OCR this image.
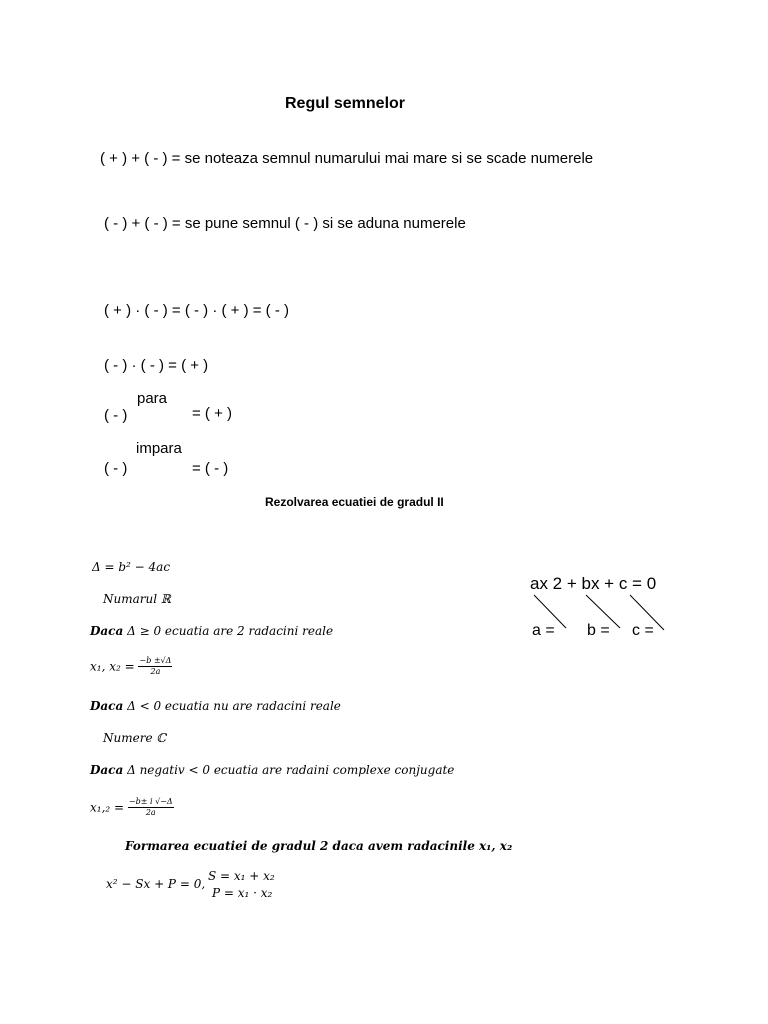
Regul semnelor
( + ) + ( - ) = se noteaza semnul numarului mai mare si se scade numerele
( - ) + ( - ) = se pune semnul ( - ) si se aduna numerele
( + ) · ( - ) = ( - ) · ( + ) = ( - )
( - ) · ( - ) = ( + )
para
( - )	= ( + )
impara
( - )	= ( - )
Rezolvarea ecuatiei de gradul II
Δ = b² − 4ac
Numarul ℝ
Daca Δ ≥ 0 ecuatia are 2 radacini reale
x₁, $x_2 = \frac{-b \pm√\Delta}{2a}$
Daca Δ < 0 ecuatia nu are radacini reale
Numere ℂ
Daca Δ negativ < 0 ecuatia are radaini complexe conjugate
$x_1,_2 = \frac{-b\pm i √-\Delta}{2a}$
Formarea ecuatiei de gradul 2 daca avem radacinile x₁, x₂
x² − Sx + P = 0,
S = x₁ + x₂
P = x₁ · x₂
ax 2 + bx + c = 0
a = b = c =
